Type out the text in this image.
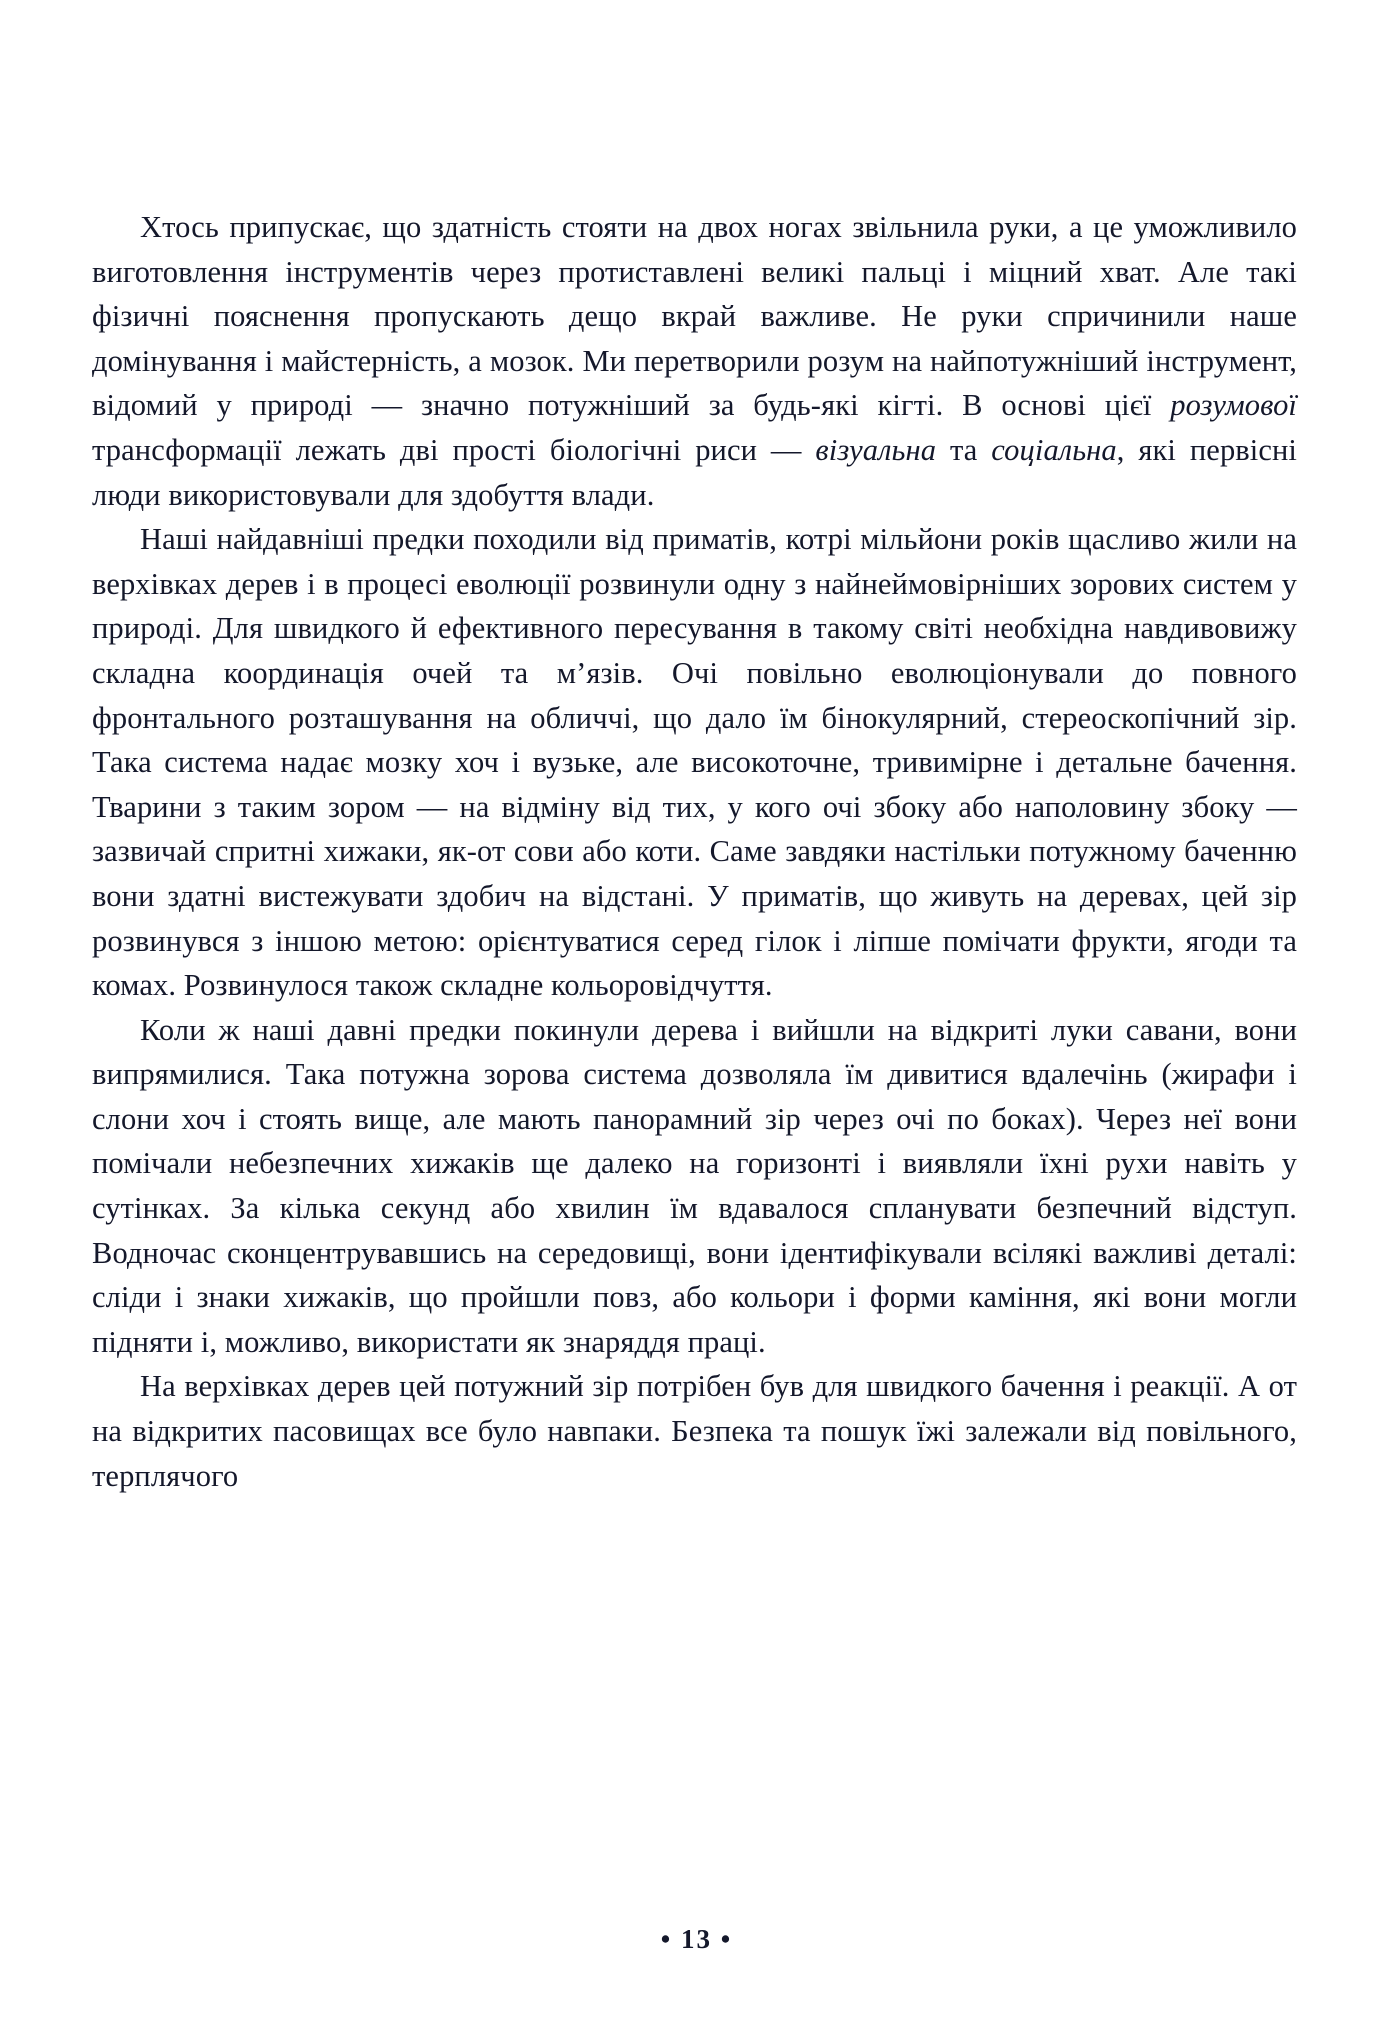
Хтось припускає, що здатність стояти на двох ногах звільнила руки, а це уможливило виготовлення інструментів через протиставлені великі пальці і міцний хват. Але такі фізичні пояснення пропускають дещо вкрай важливе. Не руки спричинили наше домінування і майстерність, а мозок. Ми перетворили розум на найпотужніший інструмент, відомий у природі — значно потужніший за будь-які кігті. В основі цієї розумової трансформації лежать дві прості біологічні риси — візуальна та соціальна, які первісні люди використовували для здобуття влади.

Наші найдавніші предки походили від приматів, котрі мільйони років щасливо жили на верхівках дерев і в процесі еволюції розвинули одну з найнеймовірніших зорових систем у природі. Для швидкого й ефективного пересування в такому світі необхідна навдивовижу складна координація очей та м’язів. Очі повільно еволюціонували до повного фронтального розташування на обличчі, що дало їм бінокулярний, стереоскопічний зір. Така система надає мозку хоч і вузьке, але високоточне, тривимірне і детальне бачення. Тварини з таким зором — на відміну від тих, у кого очі збоку або наполовину збоку — зазвичай спритні хижаки, як-от сови або коти. Саме завдяки настільки потужному баченню вони здатні вистежувати здобич на відстані. У приматів, що живуть на деревах, цей зір розвинувся з іншою метою: орієнтуватися серед гілок і ліпше помічати фрукти, ягоди та комах. Розвинулося також складне кольоровідчуття.

Коли ж наші давні предки покинули дерева і вийшли на відкриті луки савани, вони випрямилися. Така потужна зорова система дозволяла їм дивитися вдалечінь (жирафи і слони хоч і стоять вище, але мають панорамний зір через очі по боках). Через неї вони помічали небезпечних хижаків ще далеко на горизонті і виявляли їхні рухи навіть у сутінках. За кілька секунд або хвилин їм вдавалося спланувати безпечний відступ. Водночас сконцентрувавшись на середовищі, вони ідентифікували всілякі важливі деталі: сліди і знаки хижаків, що пройшли повз, або кольори і форми каміння, які вони могли підняти і, можливо, використати як знаряддя праці.

На верхівках дерев цей потужний зір потрібен був для швидкого бачення і реакції. А от на відкритих пасовищах все було навпаки. Безпека та пошук їжі залежали від повільного, терплячого

• 13 •
